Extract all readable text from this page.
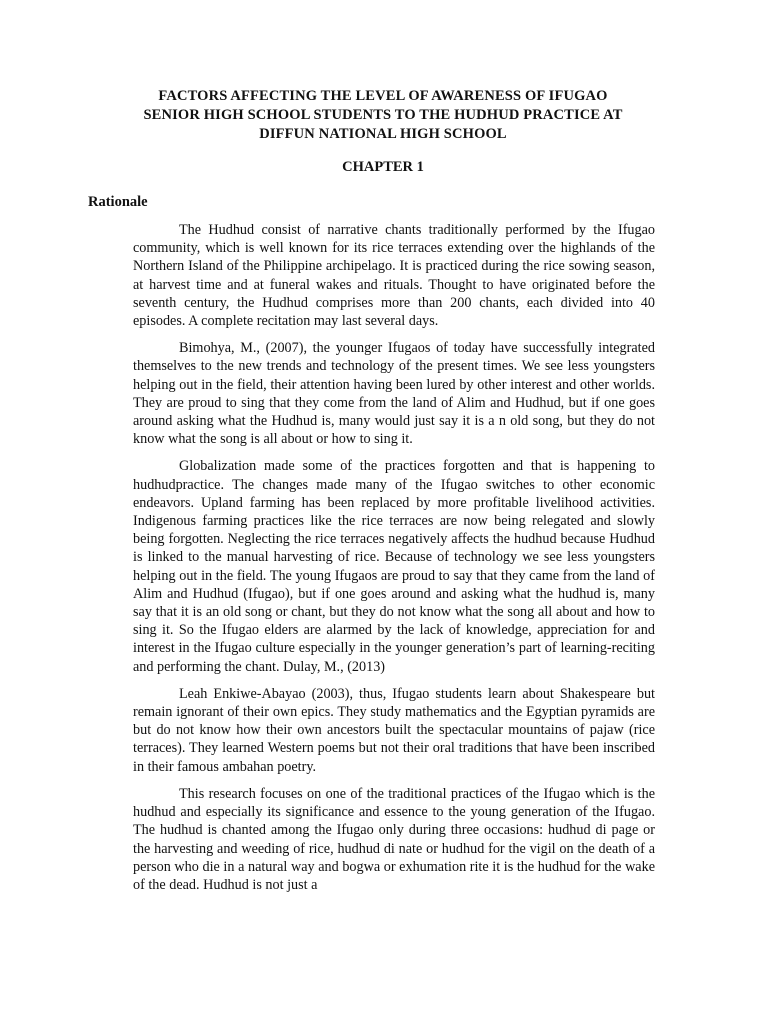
FACTORS AFFECTING THE LEVEL OF AWARENESS OF IFUGAO
SENIOR HIGH SCHOOL STUDENTS TO THE HUDHUD PRACTICE AT
DIFFUN NATIONAL HIGH SCHOOL
CHAPTER 1
Rationale

The Hudhud consist of narrative chants traditionally performed by the Ifugao community, which is well known for its rice terraces extending over the highlands of the Northern Island of the Philippine archipelago. It is practiced during the rice sowing season, at harvest time and at funeral wakes and rituals. Thought to have originated before the seventh century, the Hudhud comprises more than 200 chants, each divided into 40 episodes. A complete recitation may last several days.

Bimohya, M., (2007), the younger Ifugaos of today have successfully integrated themselves to the new trends and technology of the present times. We see less youngsters helping out in the field, their attention having been lured by other interest and other worlds. They are proud to sing that they come from the land of Alim and Hudhud, but if one goes around asking what the Hudhud is, many would just say it is a n old song, but they do not know what the song is all about or how to sing it.

Globalization made some of the practices forgotten and that is happening to hudhudpractice. The changes made many of the Ifugao switches to other economic endeavors. Upland farming has been replaced by more profitable livelihood activities. Indigenous farming practices like the rice terraces are now being relegated and slowly being forgotten. Neglecting the rice terraces negatively affects the hudhud because Hudhud is linked to the manual harvesting of rice. Because of technology we see less youngsters helping out in the field. The young Ifugaos are proud to say that they came from the land of Alim and Hudhud (Ifugao), but if one goes around and asking what the hudhud is, many say that it is an old song or chant, but they do not know what the song all about and how to sing it. So the Ifugao elders are alarmed by the lack of knowledge, appreciation for and interest in the Ifugao culture especially in the younger generation’s part of learning-reciting and performing the chant. Dulay, M., (2013)

Leah Enkiwe-Abayao (2003), thus, Ifugao students learn about Shakespeare but remain ignorant of their own epics. They study mathematics and the Egyptian pyramids are but do not know how their own ancestors built the spectacular mountains of pajaw (rice terraces). They learned Western poems but not their oral traditions that have been inscribed in their famous ambahan poetry.

This research focuses on one of the traditional practices of the Ifugao which is the hudhud and especially its significance and essence to the young generation of the Ifugao. The hudhud is chanted among the Ifugao only during three occasions: hudhud di page or the harvesting and weeding of rice, hudhud di nate or hudhud for the vigil on the death of a person who die in a natural way and bogwa or exhumation rite it is the hudhud for the wake of the dead. Hudhud is not just a
